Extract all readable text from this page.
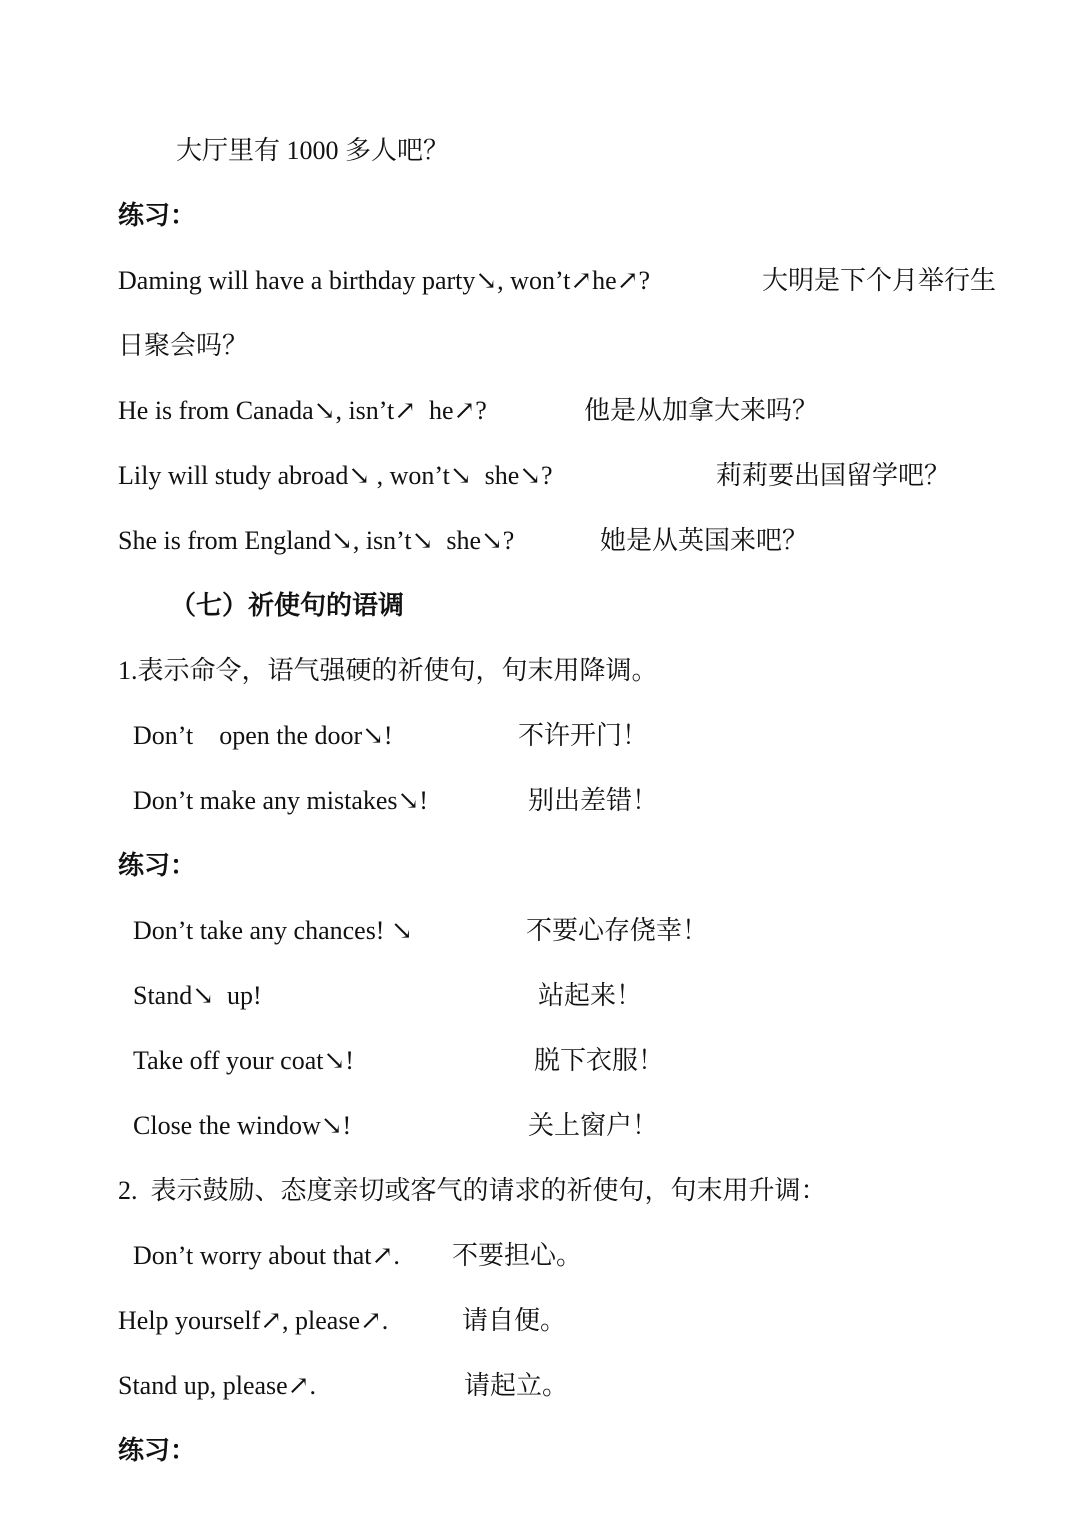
大厅里有 1000 多人吧？
练习：
Daming will have a birthday party↘, won’t↗he↗?	大明是下个月举行生
日聚会吗？
He is from Canada↘, isn’t↗  he↗?	他是从加拿大来吗？
Lily will study abroad↘ , won’t↘  she↘?	莉莉要出国留学吧？
She is from England↘, isn’t↘  she↘?	她是从英国来吧？
（七）祈使句的语调
1.表示命令，语气强硬的祈使句，句末用降调。
Don’t    open the door↘!	不许开门！
Don’t make any mistakes↘!	别出差错！
练习：
Don’t take any chances! ↘	不要心存侥幸！
Stand↘  up!	站起来！
Take off your coat↘!	脱下衣服！
Close the window↘!	关上窗户！
2.  表示鼓励、态度亲切或客气的请求的祈使句，句末用升调：
Don’t worry about that↗. 不要担心。
Help yourself↗, please↗.	请自便。
Stand up, please↗.	请起立。
练习：
